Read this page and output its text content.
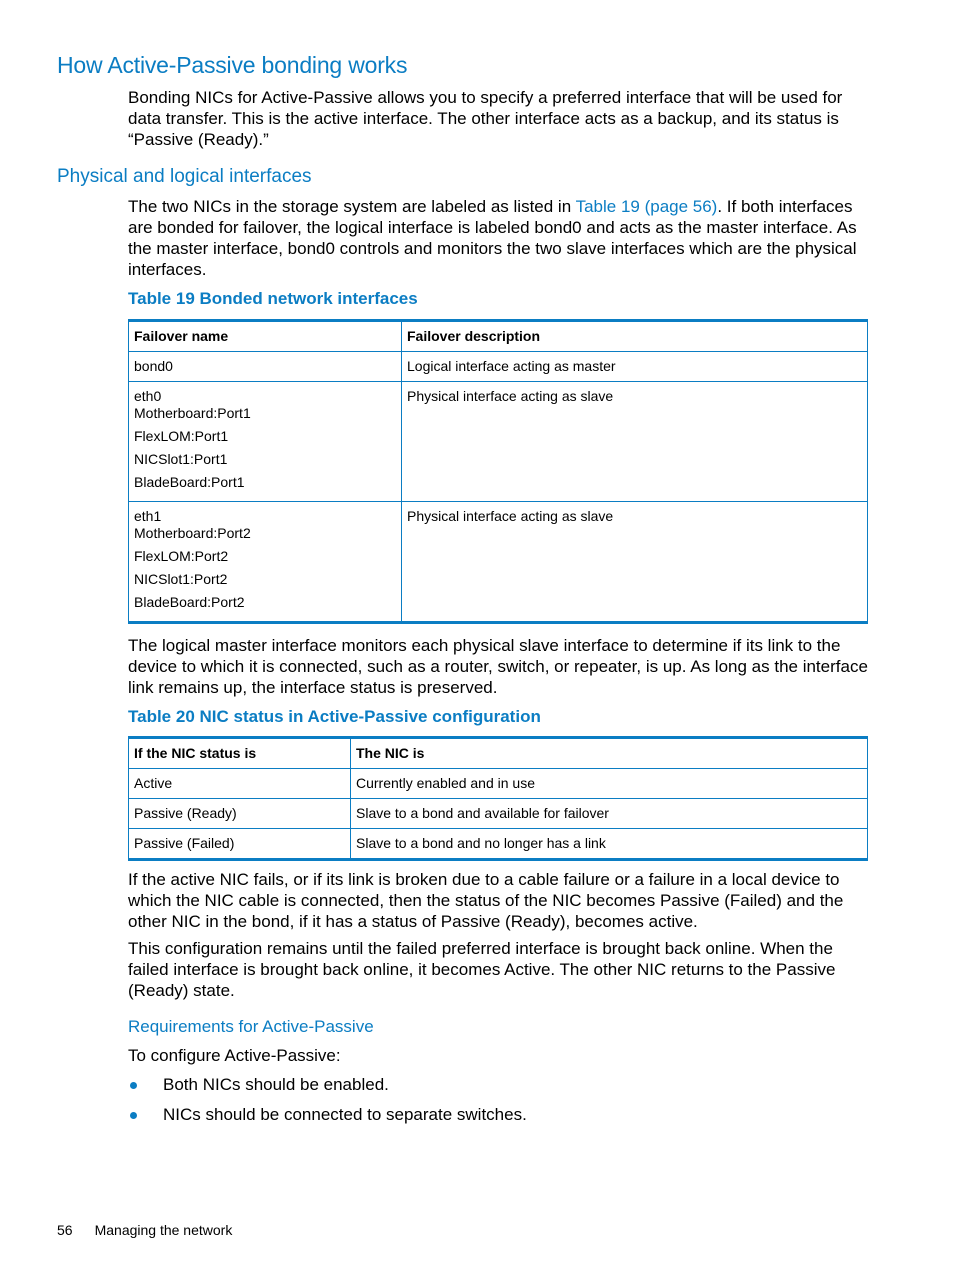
How Active-Passive bonding works

Bonding NICs for Active-Passive allows you to specify a preferred interface that will be used for data transfer. This is the active interface. The other interface acts as a backup, and its status is “Passive (Ready).”

Physical and logical interfaces

The two NICs in the storage system are labeled as listed in Table 19 (page 56). If both interfaces are bonded for failover, the logical interface is labeled bond0 and acts as the master interface. As the master interface, bond0 controls and monitors the two slave interfaces which are the physical interfaces.

Table 19 Bonded network interfaces

Failover name	Failover description
bond0	Logical interface acting as master

eth0
Motherboard:Port1
FlexLOM:Port1
NICSlot1:Port1
BladeBoard:Port1	Physical interface acting as slave

eth1
Motherboard:Port2
FlexLOM:Port2
NICSlot1:Port2
BladeBoard:Port2	Physical interface acting as slave

The logical master interface monitors each physical slave interface to determine if its link to the device to which it is connected, such as a router, switch, or repeater, is up. As long as the interface link remains up, the interface status is preserved.

Table 20 NIC status in Active-Passive configuration

If the NIC status is	The NIC is
Active	Currently enabled and in use
Passive (Ready)	Slave to a bond and available for failover
Passive (Failed)	Slave to a bond and no longer has a link

If the active NIC fails, or if its link is broken due to a cable failure or a failure in a local device to which the NIC cable is connected, then the status of the NIC becomes Passive (Failed) and the other NIC in the bond, if it has a status of Passive (Ready), becomes active.

This configuration remains until the failed preferred interface is brought back online. When the failed interface is brought back online, it becomes Active. The other NIC returns to the Passive (Ready) state.

Requirements for Active-Passive

To configure Active-Passive:

Both NICs should be enabled.
NICs should be connected to separate switches.
56 Managing the network
